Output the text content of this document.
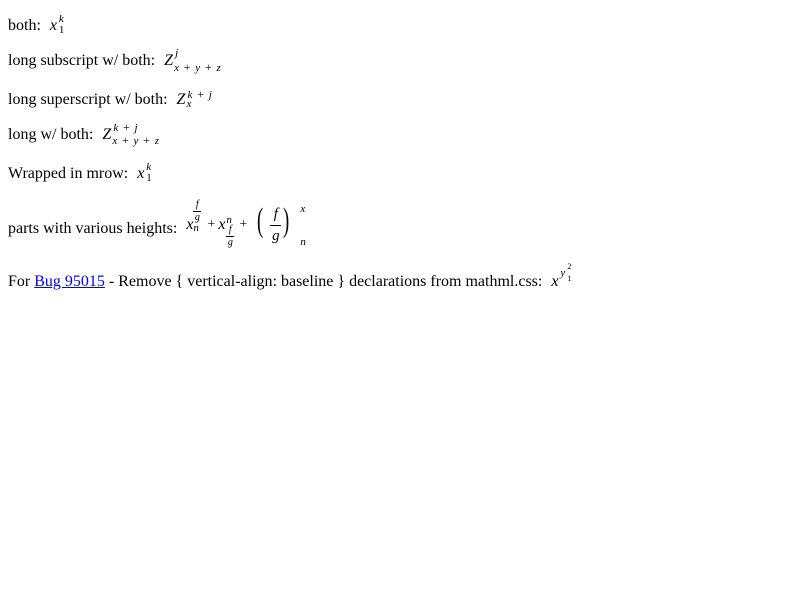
both: x k
1
long subscript w/ both: Z j
x + y + z
long superscript w/ both: Z k + j
x
long w/ both: Z k + j
x + y + z
Wrapped in mrow: x k
1
parts with various heights: x
f
g
n + x n
f
g
+ ( f
g ) x
n
For Bug 95015 - Remove { vertical-align: baseline } declarations from mathml.css: x y
2
1
